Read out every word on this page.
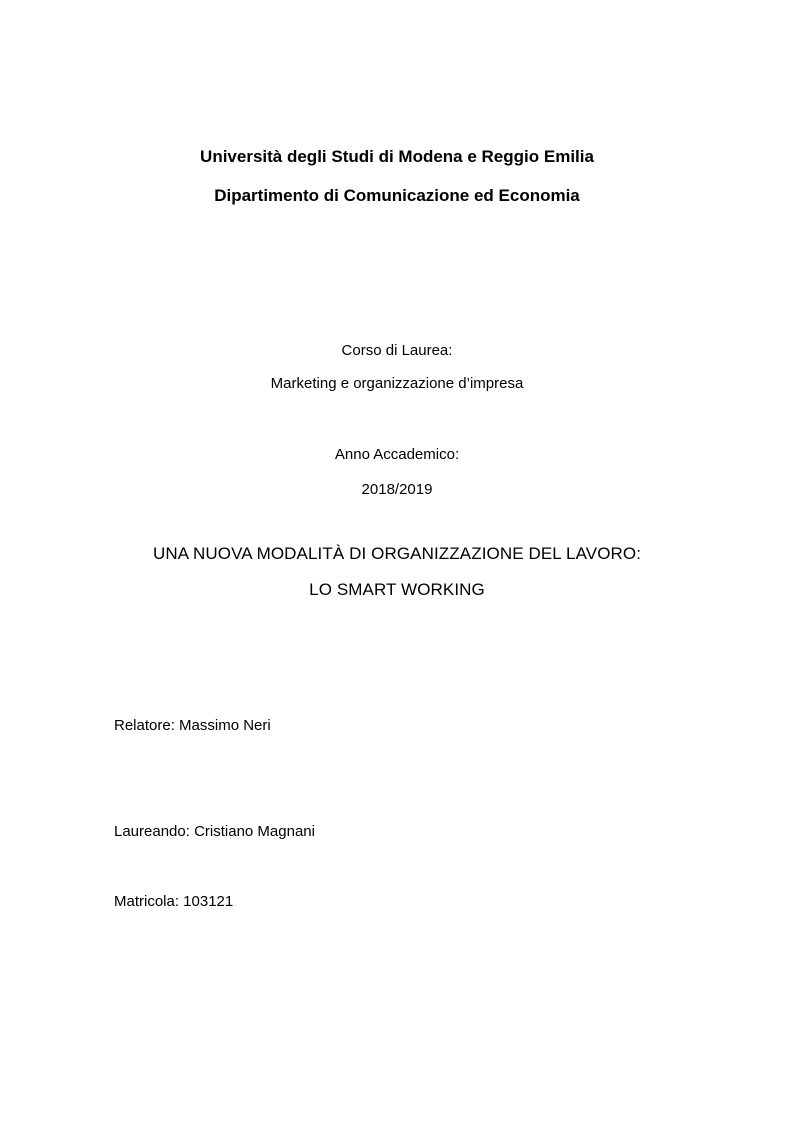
Università degli Studi di Modena e Reggio Emilia
Dipartimento di Comunicazione ed Economia
Corso di Laurea:
Marketing e organizzazione d’impresa
Anno Accademico:
2018/2019
UNA NUOVA MODALITÀ DI ORGANIZZAZIONE DEL LAVORO:
LO SMART WORKING
Relatore: Massimo Neri
Laureando: Cristiano Magnani
Matricola: 103121
